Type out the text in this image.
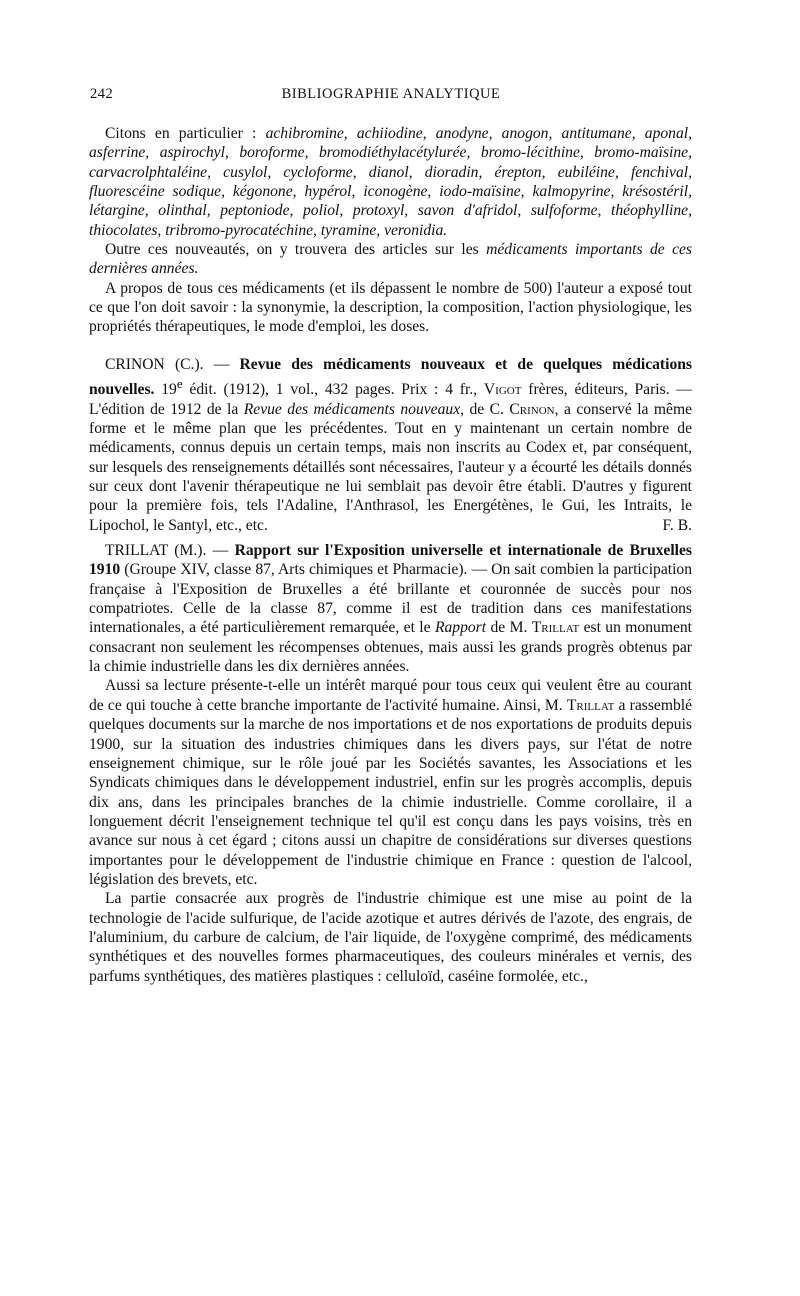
242	BIBLIOGRAPHIE ANALYTIQUE

Citons en particulier : achibromine, achiiodine, anodyne, anogon, antitumane, aponal, asferrine, aspirochyl, boroforme, bromodiéthylacétylurée, bromo-lécithine, bromo-maïsine, carvacrolphtaléine, cusylol, cycloforme, dianol, dioradin, érepton, eubiléine, fenchival, fluorescéine sodique, kégonone, hypérol, iconogène, iodo-maïsine, kalmopyrine, krésostéril, létargine, olinthal, peptoniode, poliol, protoxyl, savon d'afridol, sulfoforme, théophylline, thiocolates, tribromo-pyrocatéchine, tyramine, veronidia.

Outre ces nouveautés, on y trouvera des articles sur les médicaments importants de ces dernières années.

A propos de tous ces médicaments (et ils dépassent le nombre de 500) l'auteur a exposé tout ce que l'on doit savoir : la synonymie, la description, la composition, l'action physiologique, les propriétés thérapeutiques, le mode d'emploi, les doses.

CRINON (C.). — Revue des médicaments nouveaux et de quelques médications nouvelles. 19e édit. (1912), 1 vol., 432 pages. Prix : 4 fr., Vigot frères, éditeurs, Paris. — L'édition de 1912 de la Revue des médicaments nouveaux, de C. Crinon, a conservé la même forme et le même plan que les précédentes. Tout en y maintenant un certain nombre de médicaments, connus depuis un certain temps, mais non inscrits au Codex et, par conséquent, sur lesquels des renseignements détaillés sont nécessaires, l'auteur y a écourté les détails donnés sur ceux dont l'avenir thérapeutique ne lui semblait pas devoir être établi. D'autres y figurent pour la première fois, tels l'Adaline, l'Anthrasol, les Energétènes, le Gui, les Intraits, le Lipochol, le Santyl, etc., etc.	F. B.

TRILLAT (M.). — Rapport sur l'Exposition universelle et internationale de Bruxelles 1910 (Groupe XIV, classe 87, Arts chimiques et Pharmacie). — On sait combien la participation française à l'Exposition de Bruxelles a été brillante et couronnée de succès pour nos compatriotes. Celle de la classe 87, comme il est de tradition dans ces manifestations internationales, a été particulièrement remarquée, et le Rapport de M. Trillat est un monument consacrant non seulement les récompenses obtenues, mais aussi les grands progrès obtenus par la chimie industrielle dans les dix dernières années.

Aussi sa lecture présente-t-elle un intérêt marqué pour tous ceux qui veulent être au courant de ce qui touche à cette branche importante de l'activité humaine. Ainsi, M. Trillat a rassemblé quelques documents sur la marche de nos importations et de nos exportations de produits depuis 1900, sur la situation des industries chimiques dans les divers pays, sur l'état de notre enseignement chimique, sur le rôle joué par les Sociétés savantes, les Associations et les Syndicats chimiques dans le développement industriel, enfin sur les progrès accomplis, depuis dix ans, dans les principales branches de la chimie industrielle. Comme corollaire, il a longuement décrit l'enseignement technique tel qu'il est conçu dans les pays voisins, très en avance sur nous à cet égard ; citons aussi un chapitre de considérations sur diverses questions importantes pour le développement de l'industrie chimique en France : question de l'alcool, législation des brevets, etc.

La partie consacrée aux progrès de l'industrie chimique est une mise au point de la technologie de l'acide sulfurique, de l'acide azotique et autres dérivés de l'azote, des engrais, de l'aluminium, du carbure de calcium, de l'air liquide, de l'oxygène comprimé, des médicaments synthétiques et des nouvelles formes pharmaceutiques, des couleurs minérales et vernis, des parfums synthétiques, des matières plastiques : celluloïd, caséine formolée, etc.,
